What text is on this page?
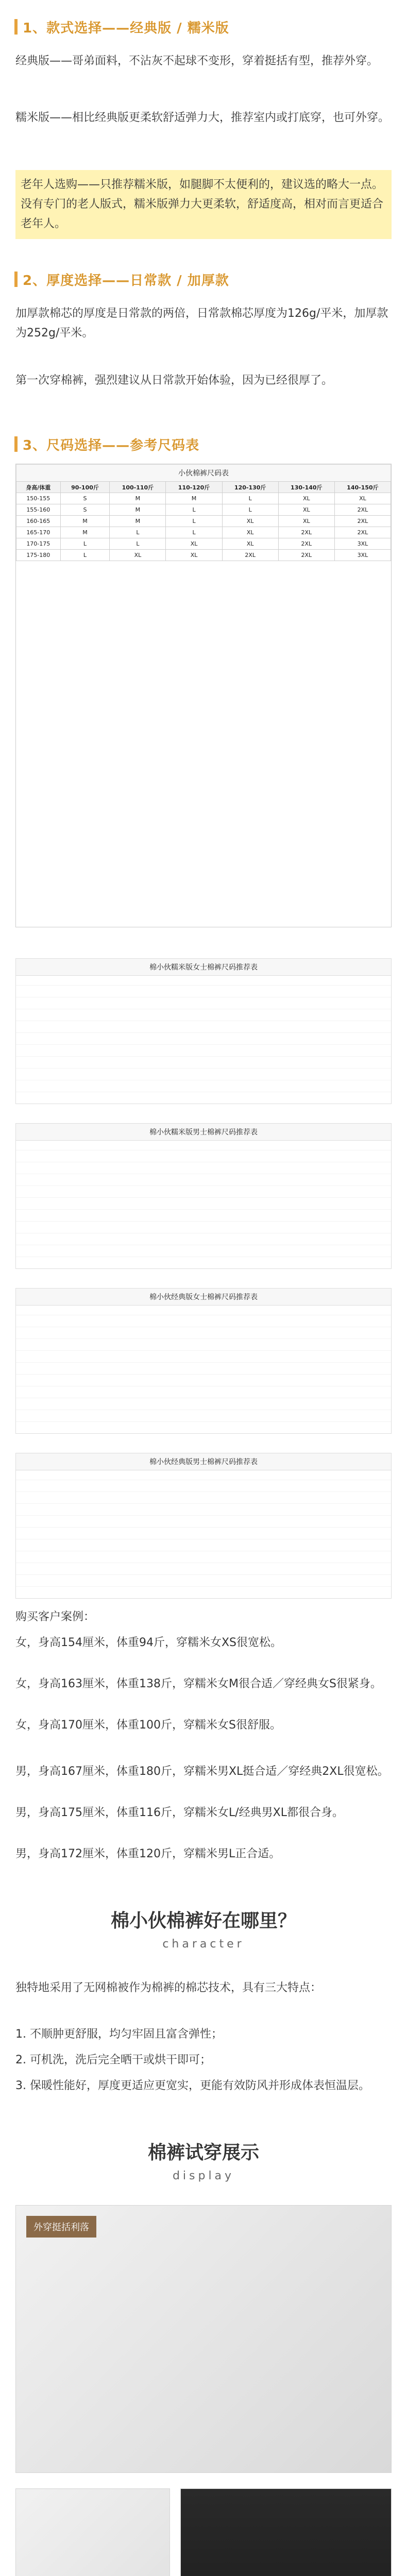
1、款式选择——经典版 / 糯米版
经典版——哥弟面料，不沾灰不起球不变形，穿着挺括有型，推荐外穿。
糯米版——相比经典版更柔软舒适弹力大，推荐室内或打底穿，也可外穿。
老年人选购——只推荐糯米版，如腿脚不太便利的，建议选的略大一点。没有专门的老人版式，糯米版弹力大更柔软，舒适度高，相对而言更适合老年人。
2、厚度选择——日常款 / 加厚款
加厚款棉芯的厚度是日常款的两倍，日常款棉芯厚度为126g/平米，加厚款为252g/平米。
第一次穿棉裤，强烈建议从日常款开始体验，因为已经很厚了。
3、尺码选择——参考尺码表
小伙棉裤尺码表
身高/体重	90-100斤	100-110斤	110-120斤	120-130斤	130-140斤	140-150斤
150-155	S	M	M	L	XL	XL
155-160	S	M	L	L	XL	2XL
160-165	M	M	L	XL	XL	2XL
165-170	M	L	L	XL	2XL	2XL
170-175	L	L	XL	XL	2XL	3XL
175-180	L	XL	XL	2XL	2XL	3XL
棉小伙糯米版女士棉裤尺码推荐表
棉小伙糯米版男士棉裤尺码推荐表
棉小伙经典版女士棉裤尺码推荐表
棉小伙经典版男士棉裤尺码推荐表
购买客户案例：
女，身高154厘米，体重94斤，穿糯米女XS很宽松。
女，身高163厘米，体重138斤，穿糯米女M很合适／穿经典女S很紧身。
女，身高170厘米，体重100斤，穿糯米女S很舒服。
男，身高167厘米，体重180斤，穿糯米男XL挺合适／穿经典2XL很宽松。
男，身高175厘米，体重116斤，穿糯米女L/经典男XL都很合身。
男，身高172厘米，体重120斤，穿糯米男L正合适。
棉小伙棉裤好在哪里？
character
独特地采用了无网棉被作为棉裤的棉芯技术，具有三大特点：
1. 不顺肿更舒服，均匀牢固且富含弹性；
2. 可机洗，洗后完全晒干或烘干即可；
3. 保暖性能好，厚度更适应更宽实，更能有效防风并形成体表恒温层。
棉裤试穿展示
display
外穿挺括利落
